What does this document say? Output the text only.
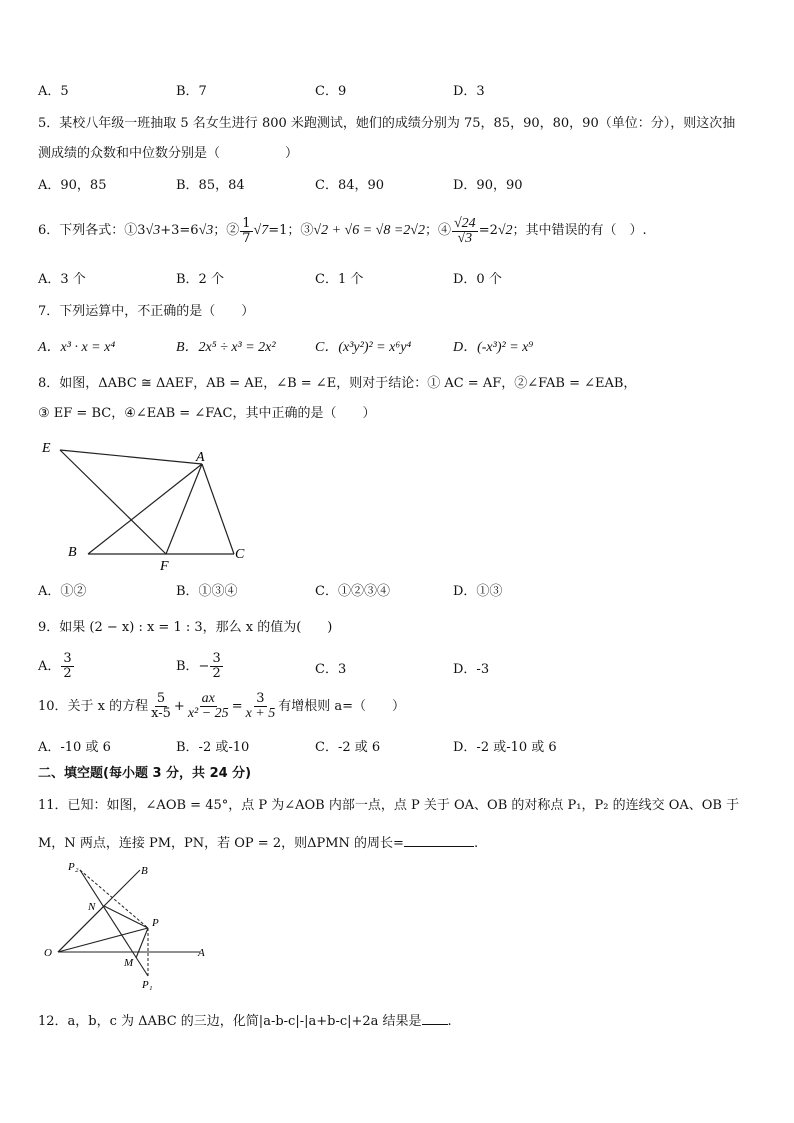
A．5	B．7	C．9	D．3
5．某校八年级一班抽取 5 名女生进行 800 米跑测试，她们的成绩分别为 75，85，90，80，90（单位：分），则这次抽
测成绩的众数和中位数分别是（　　　　　）
A．90，85	B．85，84	C．84，90	D．90，90
6．下列各式：①3 √3 +3=6 √3 ；② $\frac{1}{7} √7 =1$；③ √2 + √6 = √8 =2√2 ；④ $\frac{√24}{√3} =2$ √2 ；其中错误的有（　）.
A．3 个	B．2 个	C．1 个	D．0 个
7．下列运算中，不正确的是（　　）
A．x³ · x = x⁴	B．2x⁵ ÷ x³ = 2x²	C．(x³y²)² = x⁶y⁴	D．(-x³)² = x⁹
8．如图，ΔABC ≅ ΔAEF，AB = AE，∠B = ∠E，则对于结论：① AC = AF，②∠FAB = ∠EAB，
③ EF = BC，④∠EAB = ∠FAC，其中正确的是（　　）
E
A
B
F
C
A．①②	B．①③④	C．①②③④	D．①③
9．如果 (2 − x) : x = 1 : 3，那么 x 的值为(　　)
A． $\frac{3}{2}$	B．− $\frac{3}{2}$	C．3	D．-3
10．关于 x 的方程 $\frac{5}{x-5} + \frac{ax}{\text{x² − 25}} = \frac{3}{x + 5}$ 有增根则 a=（　　）
A．-10 或 6	B．-2 或-10	C．-2 或 6	D．-2 或-10 或 6
二、填空题(每小题 3 分，共 24 分)
11．已知：如图，∠AOB = 45°，点 P 为∠AOB 内部一点，点 P 关于 OA、OB 的对称点 P₁，P₂ 的连线交 OA、OB 于
M，N 两点，连接 PM，PN，若 OP = 2，则ΔPMN 的周长=	.
P₂	B
N
P
O	A
M
P₁
12．a，b，c 为 ΔABC 的三边，化简|a-b-c|-|a+b-c|+2a 结果是 .
